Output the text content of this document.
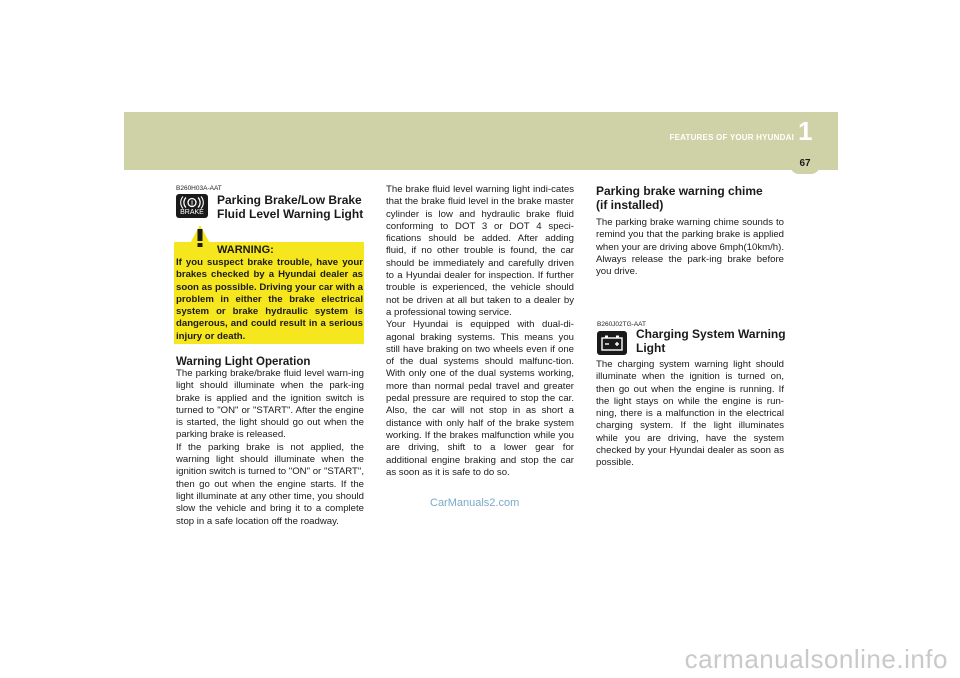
1
FEATURES OF YOUR HYUNDAI
67
B260H03A-AAT
!
BRAKE
Parking Brake/Low Brake
Fluid Level Warning Light
WARNING:
If you suspect brake trouble, have your brakes checked by a Hyundai dealer as soon as possible. Driving your car with a problem in either the brake electrical system or brake hydraulic system is dangerous, and could result in a serious injury or death.
Warning Light Operation
The parking brake/brake fluid level warn-ing light should illuminate when the park-ing brake is applied and the ignition switch is turned to "ON" or "START". After the engine is started, the light should go out when the parking brake is released.
If the parking brake is not applied, the warning light should illuminate when the ignition switch is turned to "ON" or "START", then go out when the engine starts. If the light illuminate at any other time, you should slow the vehicle and bring it to a complete stop in a safe location off the roadway.
The brake fluid level warning light indi-cates that the brake fluid level in the brake master cylinder is low and hydraulic brake fluid conforming to DOT 3 or DOT 4 speci-fications should be added. After adding fluid, if no other trouble is found, the car should be immediately and carefully driven to a Hyundai dealer for inspection. If further trouble is experienced, the vehicle should not be driven at all but taken to a dealer by a professional towing service.
Your Hyundai is equipped with dual-di-agonal braking systems. This means you still have braking on two wheels even if one of the dual systems should malfunc-tion. With only one of the dual systems working, more than normal pedal travel and greater pedal pressure are required to stop the car. Also, the car will not stop in as short a distance with only half of the brake system working. If the brakes malfunction while you are driving, shift to a lower gear for additional engine braking and stop the car as soon as it is safe to do so.
Parking brake warning chime
(if installed)
The parking brake warning chime sounds to remind you that the parking brake is applied when your are driving above 6mph(10km/h). Always release the park-ing brake before you drive.
B260J02TG-AAT
Charging System Warning
Light
The charging system warning light should illuminate when the ignition is turned on, then go out when the engine is running. If the light stays on while the engine is run-ning, there is a malfunction in the electrical charging system. If the light illuminates while you are driving, have the system checked by your Hyundai dealer as soon as possible.
CarManuals2.com
carmanualsonline.info
